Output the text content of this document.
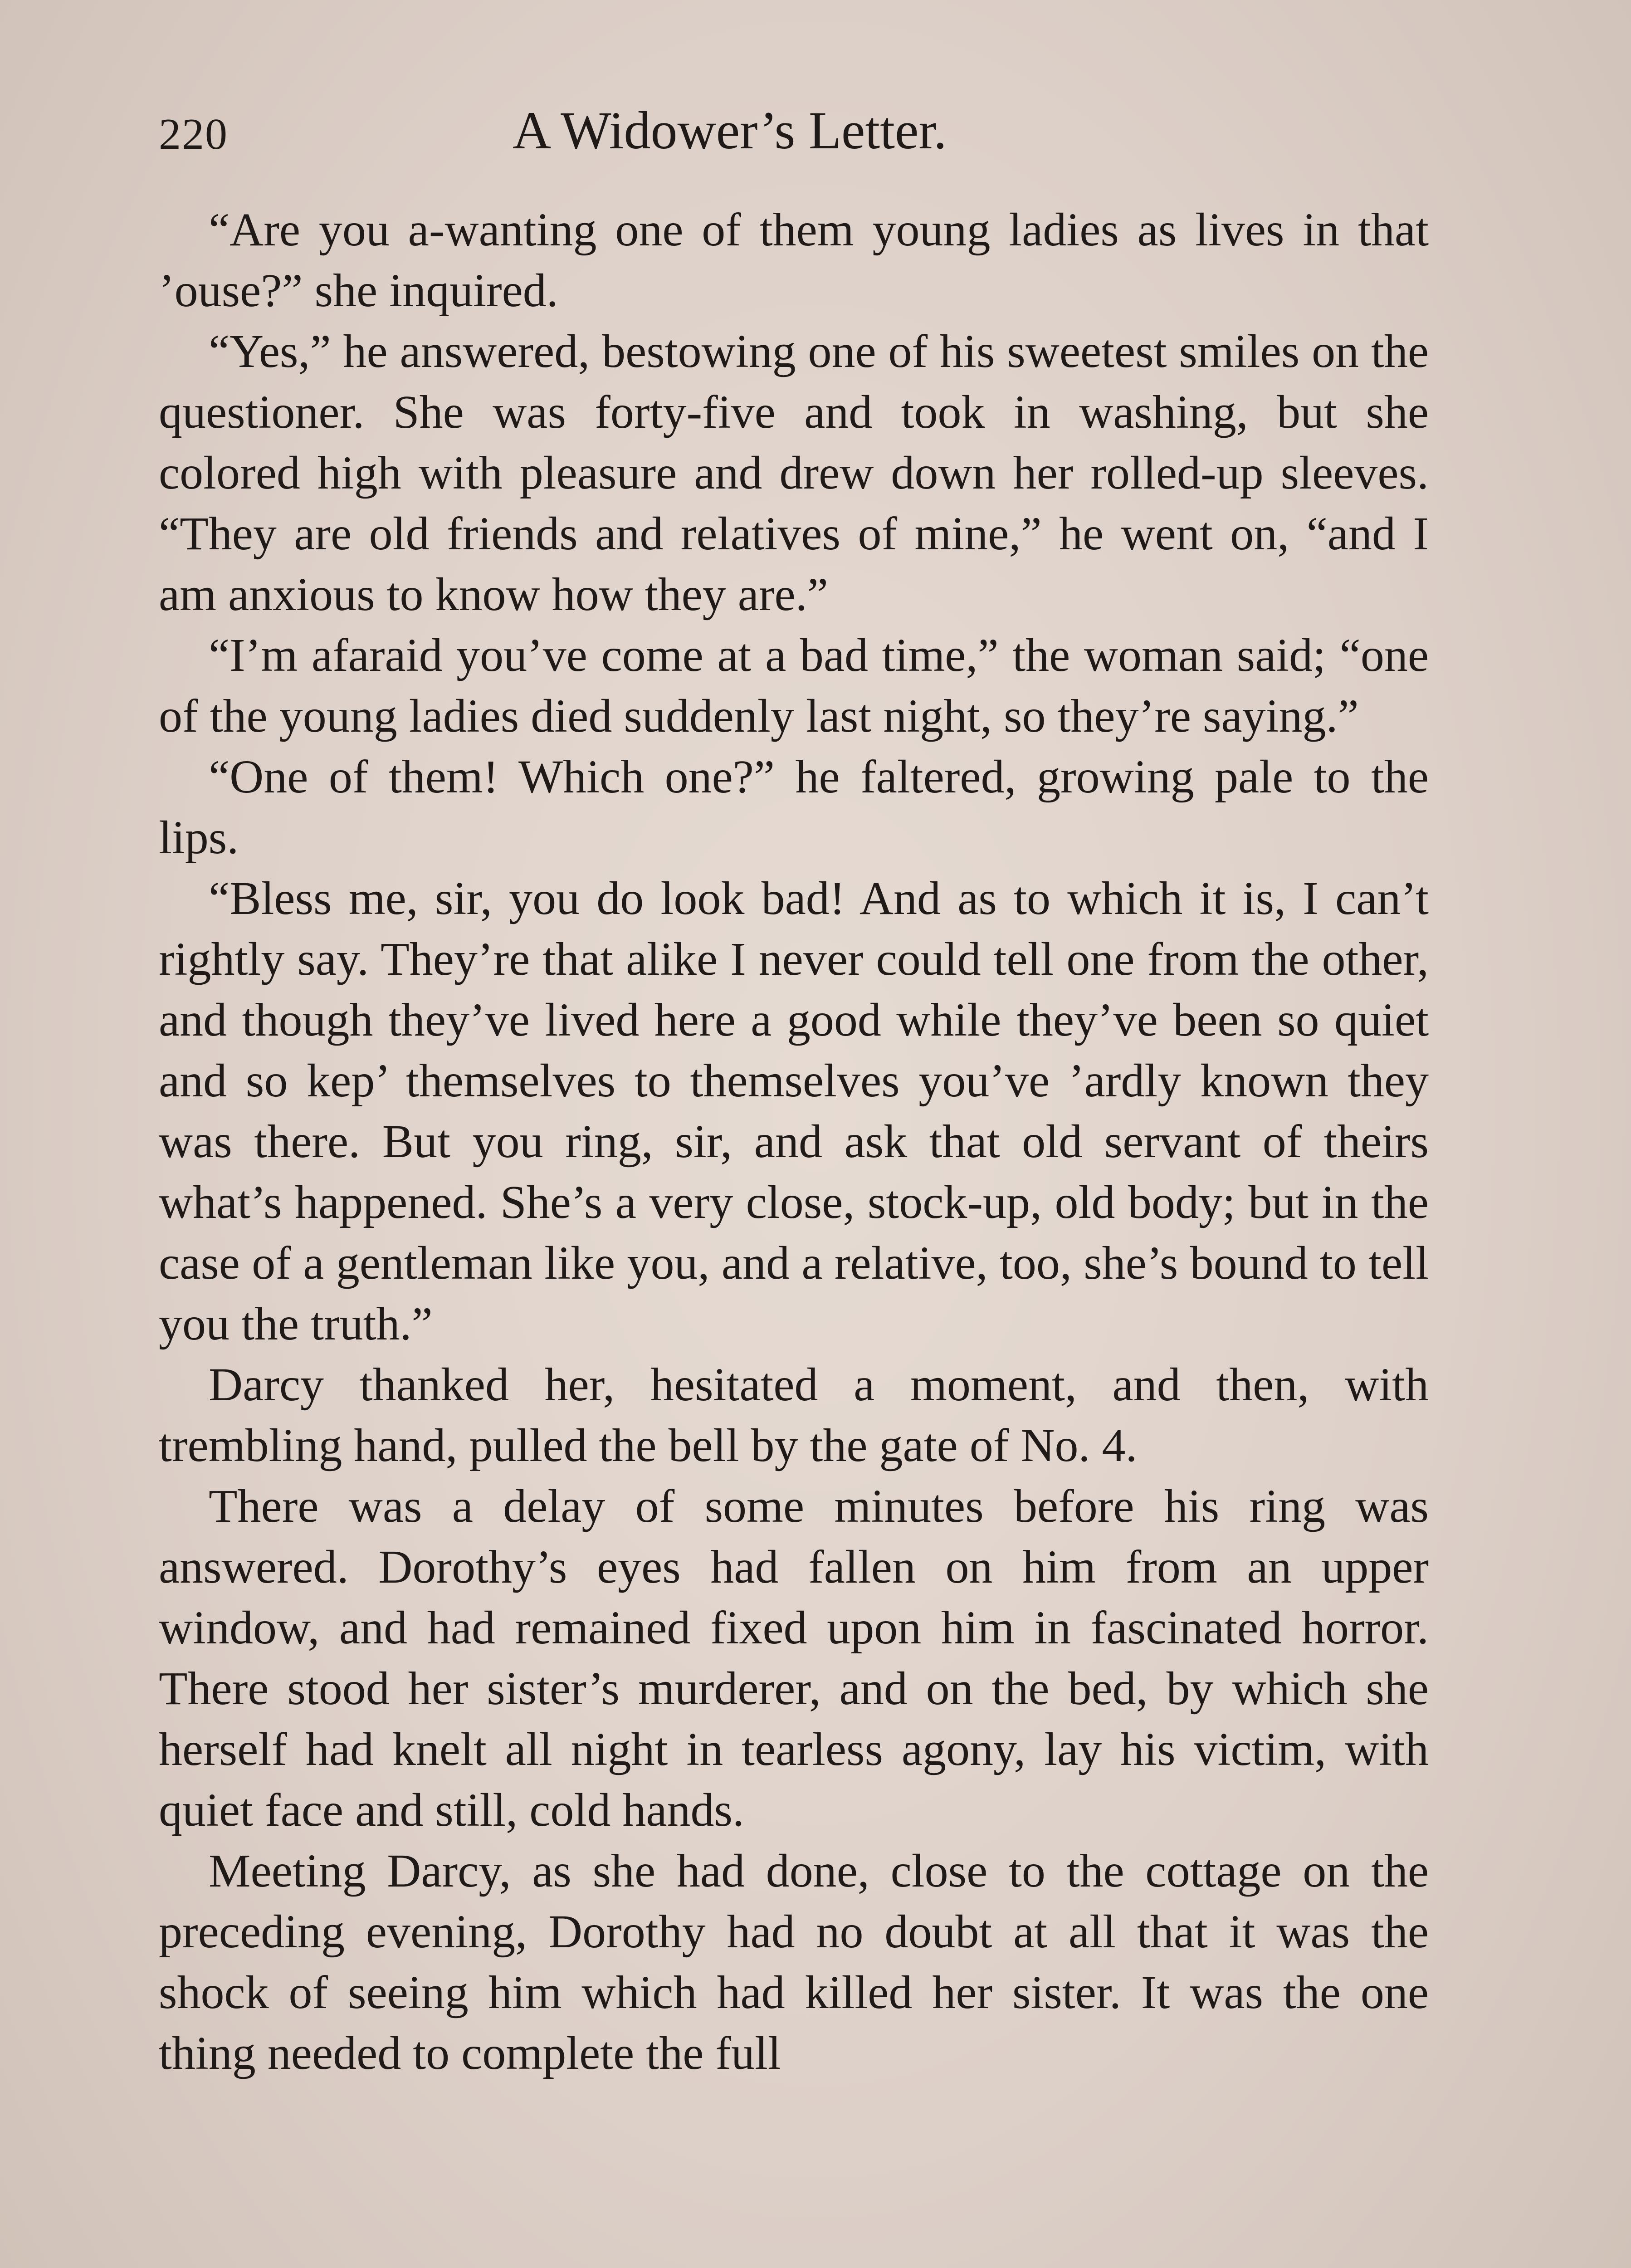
220	A Widower’s Letter.

“Are you a-wanting one of them young ladies as lives in that ’ouse?” she inquired.

“Yes,” he answered, bestowing one of his sweetest smiles on the questioner. She was forty-five and took in washing, but she colored high with pleasure and drew down her rolled-up sleeves. “They are old friends and relatives of mine,” he went on, “and I am anxious to know how they are.”

“I’m afaraid you’ve come at a bad time,” the woman said; “one of the young ladies died suddenly last night, so they’re saying.”

“One of them! Which one?” he faltered, growing pale to the lips.

“Bless me, sir, you do look bad! And as to which it is, I can’t rightly say. They’re that alike I never could tell one from the other, and though they’ve lived here a good while they’ve been so quiet and so kep’ themselves to themselves you’ve ’ardly known they was there. But you ring, sir, and ask that old servant of theirs what’s happened. She’s a very close, stock-up, old body; but in the case of a gentleman like you, and a relative, too, she’s bound to tell you the truth.”

Darcy thanked her, hesitated a moment, and then, with trembling hand, pulled the bell by the gate of No. 4.

There was a delay of some minutes before his ring was answered. Dorothy’s eyes had fallen on him from an upper window, and had remained fixed upon him in fascinated horror. There stood her sister’s murderer, and on the bed, by which she herself had knelt all night in tearless agony, lay his victim, with quiet face and still, cold hands.

Meeting Darcy, as she had done, close to the cottage on the preceding evening, Dorothy had no doubt at all that it was the shock of seeing him which had killed her sister. It was the one thing needed to complete the full
